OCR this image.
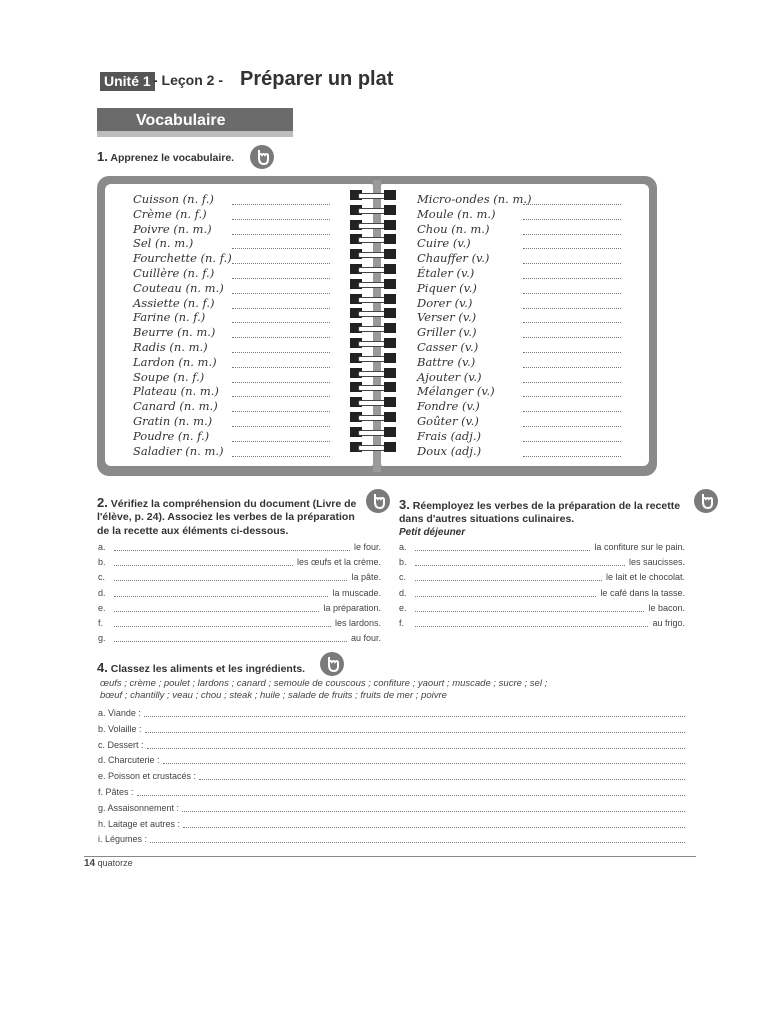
Unité 1 - Leçon 2 - Préparer un plat
Vocabulaire
1. Apprenez le vocabulaire.
Cuisson (n. f.)
Crème (n. f.)
Poivre (n. m.)
Sel (n. m.)
Fourchette (n. f.)
Cuillère (n. f.)
Couteau (n. m.)
Assiette (n. f.)
Farine (n. f.)
Beurre (n. m.)
Radis (n. m.)
Lardon (n. m.)
Soupe (n. f.)
Plateau (n. m.)
Canard (n. m.)
Gratin (n. m.)
Poudre (n. f.)
Saladier (n. m.)
Micro-ondes (n. m.)
Moule (n. m.)
Chou (n. m.)
Cuire (v.)
Chauffer (v.)
Étaler (v.)
Piquer (v.)
Dorer (v.)
Verser (v.)
Griller (v.)
Casser (v.)
Battre (v.)
Ajouter (v.)
Mélanger (v.)
Fondre (v.)
Goûter (v.)
Frais (adj.)
Doux (adj.)
2. Vérifiez la compréhension du document (Livre de
l'élève, p. 24). Associez les verbes de la préparation
de la recette aux éléments ci-dessous.
a.	le four.
b.	les œufs et la crème.
c.	la pâte.
d.	la muscade.
e.	la préparation.
f.	les lardons.
g.	au four.
3. Réemployez les verbes de la préparation de la recette
dans d'autres situations culinaires.
Petit déjeuner
a.	la confiture sur le pain.
b.	les saucisses.
c.	le lait et le chocolat.
d.	le café dans la tasse.
e.	le bacon.
f.	au frigo.
4. Classez les aliments et les ingrédients.
œufs ; crème ; poulet ; lardons ; canard ; semoule de couscous ; confiture ; yaourt ; muscade ; sucre ; sel ;
bœuf ; chantilly ; veau ; chou ; steak ; huile ; salade de fruits ; fruits de mer ; poivre
a. Viande :
b. Volaille :
c. Dessert :
d. Charcuterie :
e. Poisson et crustacés :
f. Pâtes :
g. Assaisonnement :
h. Laitage et autres :
i. Légumes :
14 quatorze
